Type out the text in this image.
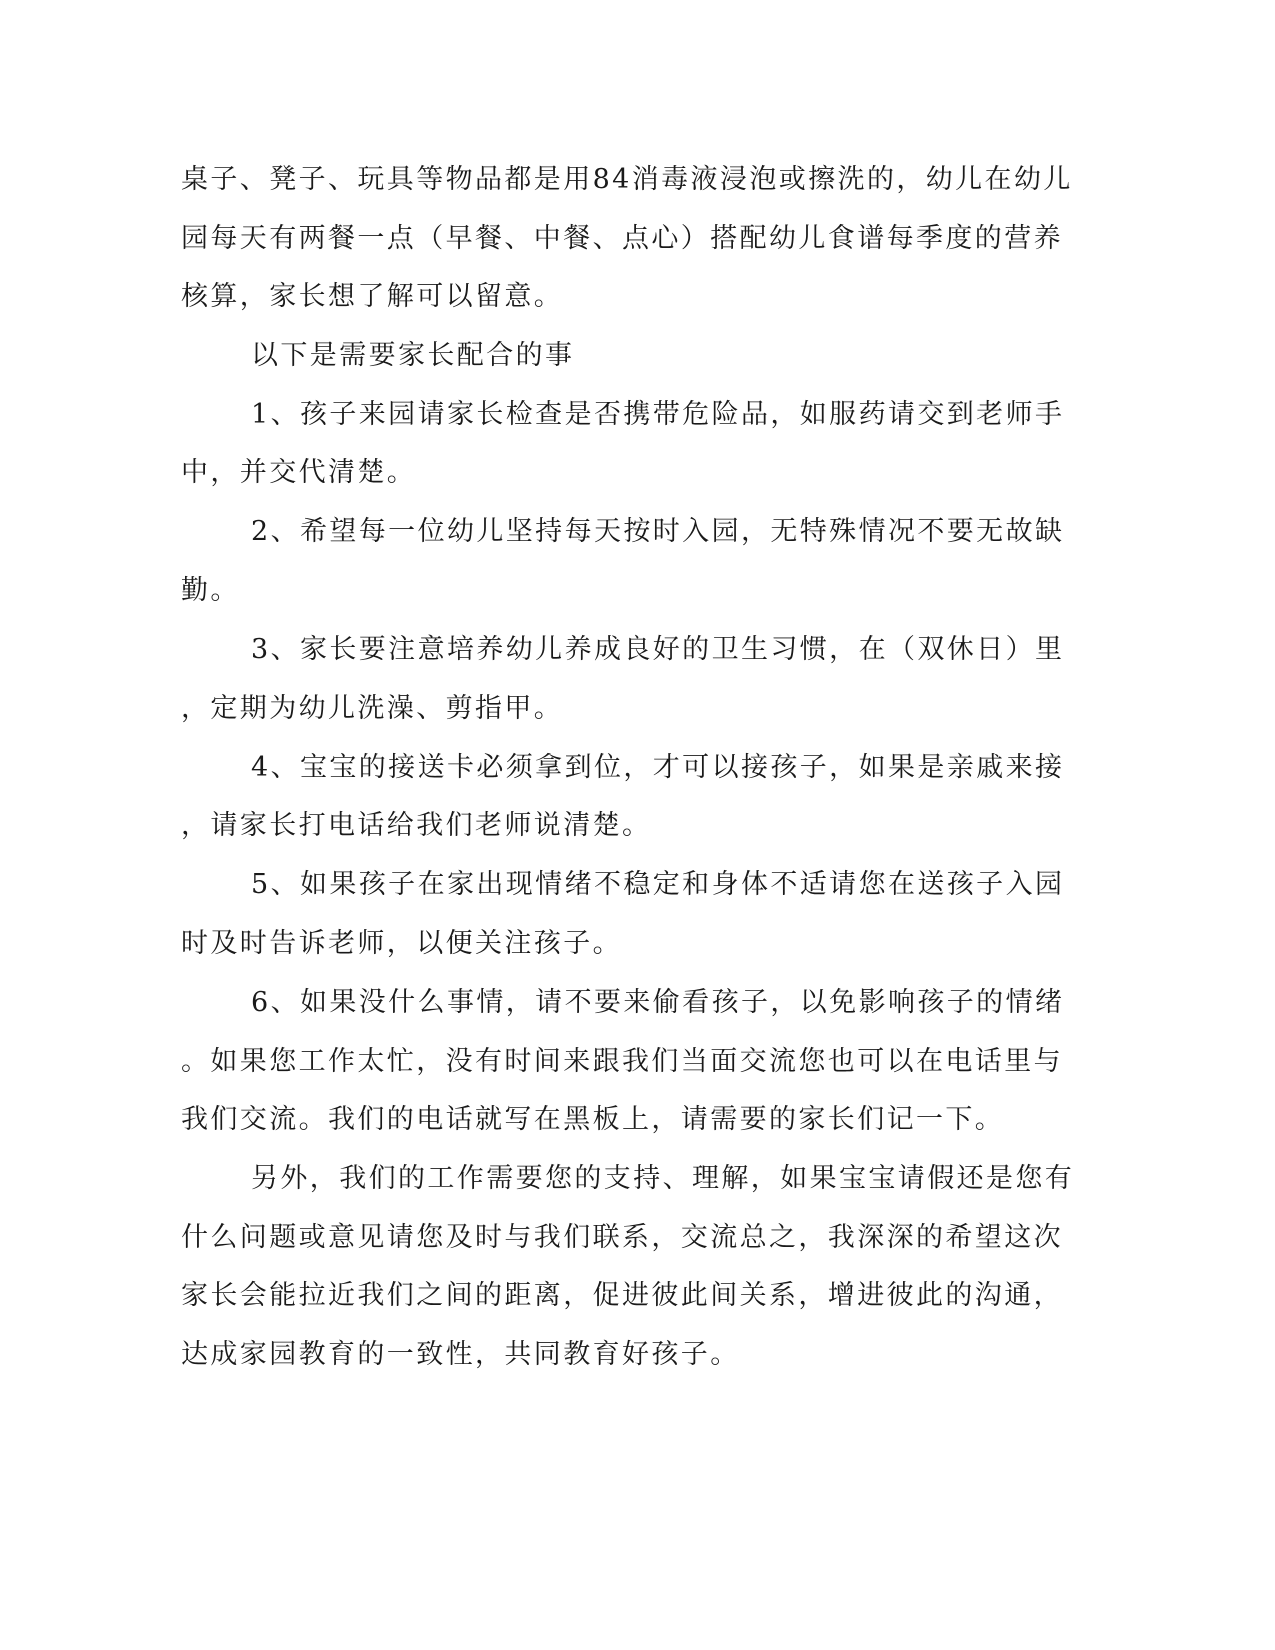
桌子、凳子、玩具等物品都是用84消毒液浸泡或擦洗的，幼儿在幼儿
园每天有两餐一点（早餐、中餐、点心）搭配幼儿食谱每季度的营养
核算，家长想了解可以留意。
以下是需要家长配合的事
1、孩子来园请家长检查是否携带危险品，如服药请交到老师手
中，并交代清楚。
2、希望每一位幼儿坚持每天按时入园，无特殊情况不要无故缺
勤。
3、家长要注意培养幼儿养成良好的卫生习惯，在（双休日）里
，定期为幼儿洗澡、剪指甲。
4、宝宝的接送卡必须拿到位，才可以接孩子，如果是亲戚来接
，请家长打电话给我们老师说清楚。
5、如果孩子在家出现情绪不稳定和身体不适请您在送孩子入园
时及时告诉老师，以便关注孩子。
6、如果没什么事情，请不要来偷看孩子，以免影响孩子的情绪
。如果您工作太忙，没有时间来跟我们当面交流您也可以在电话里与
我们交流。我们的电话就写在黑板上，请需要的家长们记一下。
另外，我们的工作需要您的支持、理解，如果宝宝请假还是您有
什么问题或意见请您及时与我们联系，交流总之，我深深的希望这次
家长会能拉近我们之间的距离，促进彼此间关系，增进彼此的沟通，
达成家园教育的一致性，共同教育好孩子。
